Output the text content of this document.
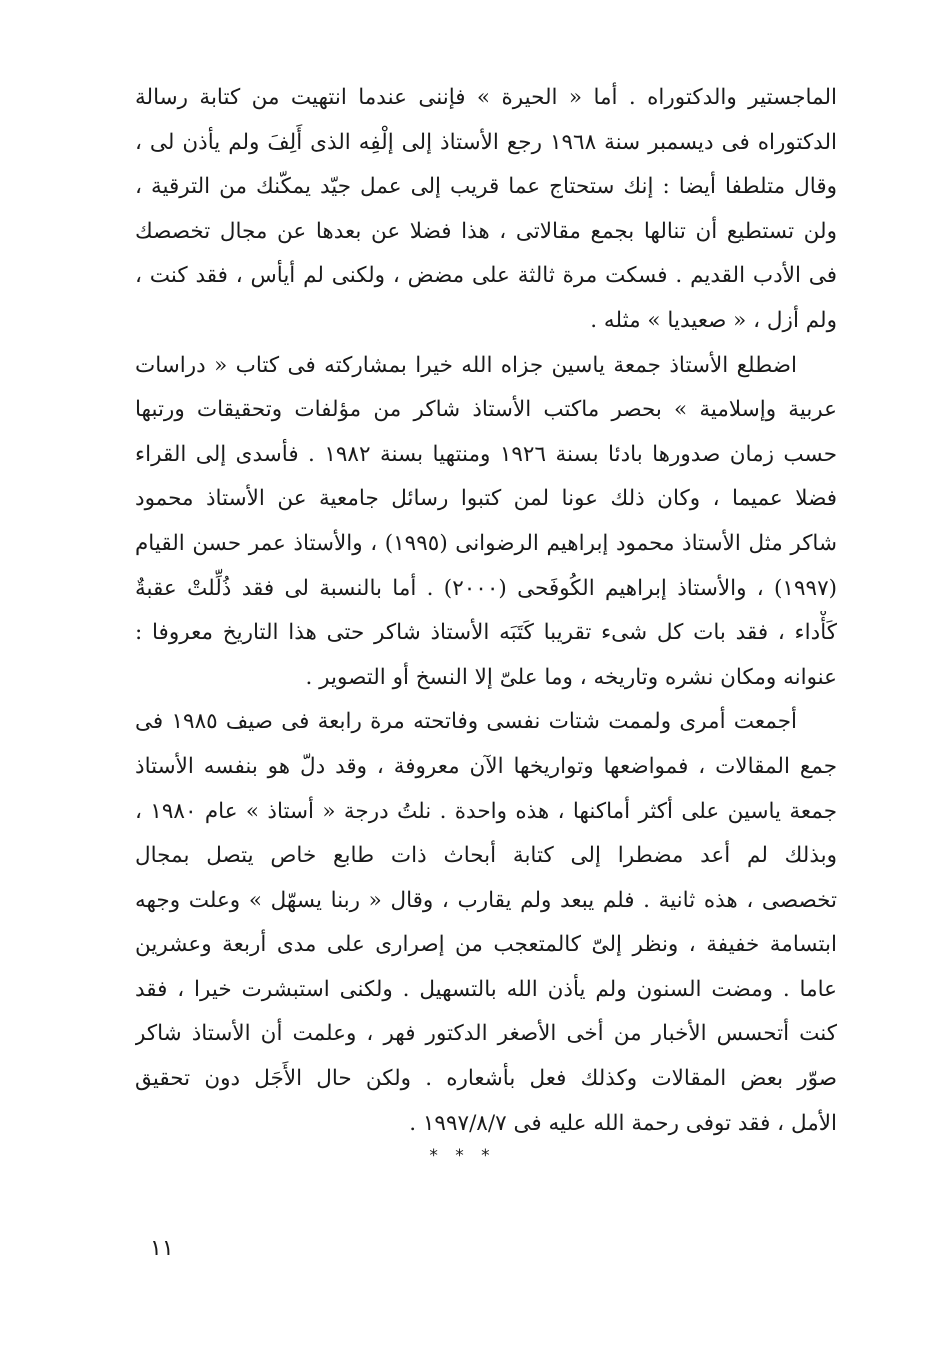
الماجستير والدكتوراه . أما « الحيرة » فإننى عندما انتهيت من كتابة رسالة
الدكتوراه فى ديسمبر سنة ١٩٦٨ رجع الأستاذ إلى إلْفِه الذى أَلِفَ ولم يأذن لى ،
وقال متلطفا أيضا : إنك ستحتاج عما قريب إلى عمل جيّد يمكّنك من الترقية ،
ولن تستطيع أن تنالها بجمع مقالاتى ، هذا فضلا عن بعدها عن مجال تخصصك
فى الأدب القديم . فسكت مرة ثالثة على مضض ، ولكنى لم أيأس ، فقد كنت ،
ولم أزل ، « صعيديا » مثله .
اضطلع الأستاذ جمعة ياسين جزاه الله خيرا بمشاركته فى كتاب « دراسات
عربية وإسلامية » بحصر ماكتب الأستاذ شاكر من مؤلفات وتحقيقات ورتبها
حسب زمان صدورها بادئا بسنة ١٩٢٦ ومنتهيا بسنة ١٩٨٢ . فأسدى إلى القراء
فضلا عميما ، وكان ذلك عونا لمن كتبوا رسائل جامعية عن الأستاذ محمود
شاكر مثل الأستاذ محمود إبراهيم الرضوانى (١٩٩٥) ، والأستاذ عمر حسن القيام
(١٩٩٧) ، والأستاذ إبراهيم الكُوفَحى (٢٠٠٠) . أما بالنسبة لى فقد ذُلِّلتْ عقبةٌ
كَأْداء ، فقد بات كل شىء تقريبا كَتَبَه الأستاذ شاكر حتى هذا التاريخ معروفا :
عنوانه ومكان نشره وتاريخه ، وما علىّ إلا النسخ أو التصوير .
أجمعت أمرى ولممت شتات نفسى وفاتحته مرة رابعة فى صيف ١٩٨٥ فى
جمع المقالات ، فمواضعها وتواريخها الآن معروفة ، وقد دلّ هو بنفسه الأستاذ
جمعة ياسين على أكثر أماكنها ، هذه واحدة . نلتُ درجة « أستاذ » عام ١٩٨٠ ،
وبذلك لم أعد مضطرا إلى كتابة أبحاث ذات طابع خاص يتصل بمجال
تخصصى ، هذه ثانية . فلم يبعد ولم يقارب ، وقال « ربنا يسهّل » وعلت وجهه
ابتسامة خفيفة ، ونظر إلىّ كالمتعجب من إصرارى على مدى أربعة وعشرين
عاما . ومضت السنون ولم يأذن الله بالتسهيل . ولكنى استبشرت خيرا ، فقد
كنت أتحسس الأخبار من أخى الأصغر الدكتور فهر ، وعلمت أن الأستاذ شاكر
صوّر بعض المقالات وكذلك فعل بأشعاره . ولكن حال الأَجَل دون تحقيق
الأمل ، فقد توفى رحمة الله عليه فى ١٩٩٧/٨/٧ .
* * *
١١
